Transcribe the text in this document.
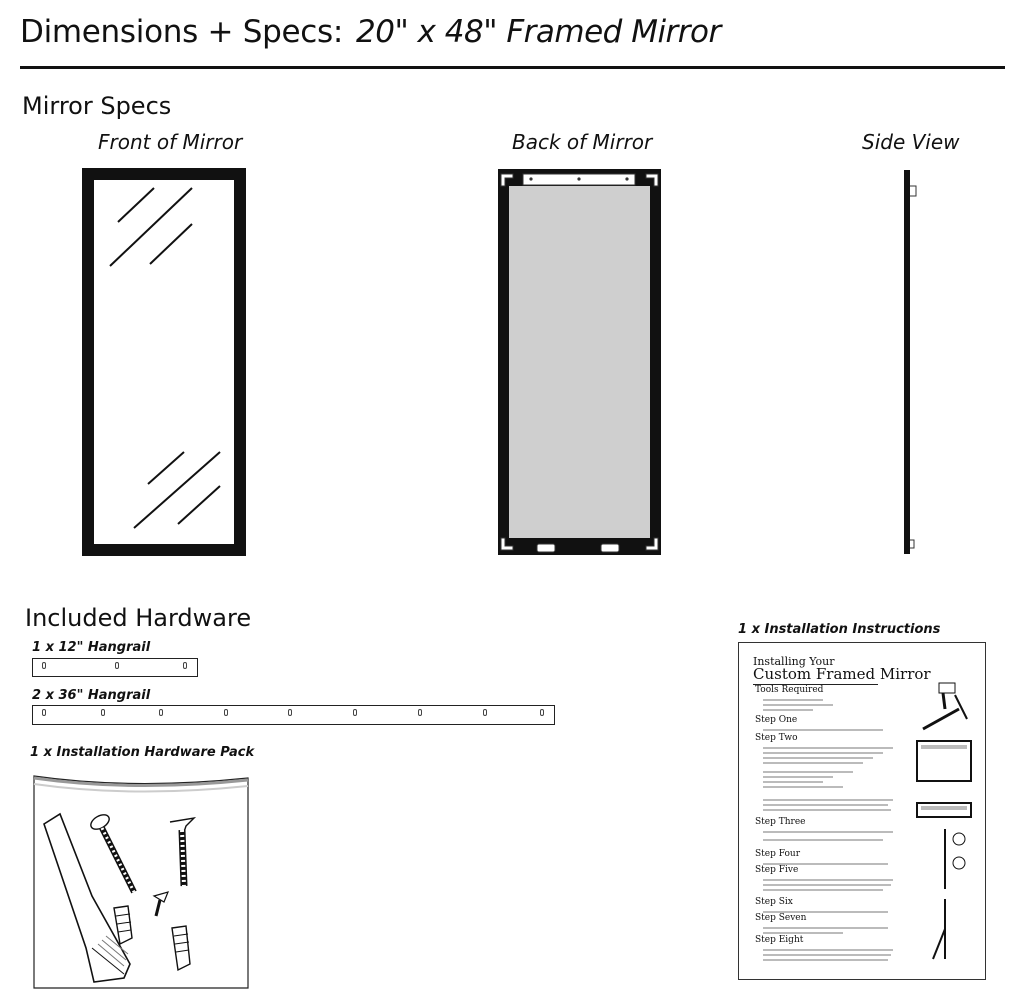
Dimensions + Specs: 20" x 48" Framed Mirror
Mirror Specs
Front of Mirror	Back of Mirror	Side View
Included Hardware
1 x 12" Hangrail
2 x 36" Hangrail
1 x Installation Hardware Pack
1 x Installation Instructions
Installing Your
Custom Framed Mirror
Tools Required
Step One
Step Two
Step Three
Step Four
Step Five
Step Six
Step Seven
Step Eight
